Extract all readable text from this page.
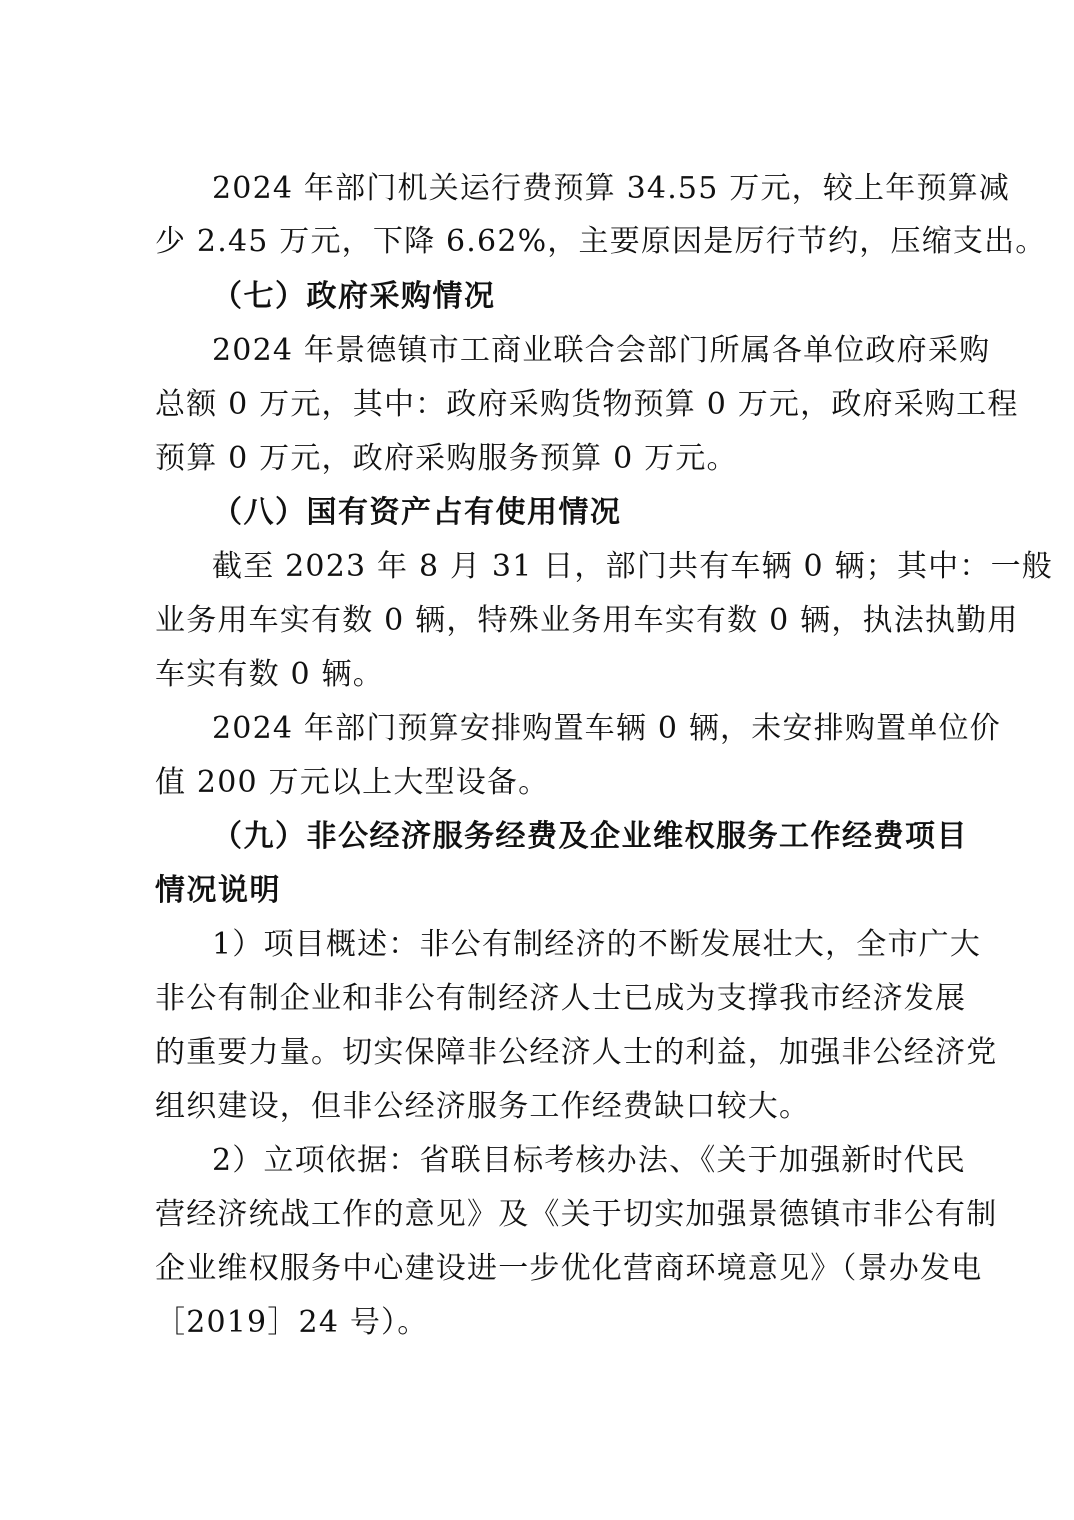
2024 年部门机关运行费预算 34.55 万元，较上年预算减
少 2.45 万元，下降 6.62%，主要原因是厉行节约，压缩支出。
（七）政府采购情况
2024 年景德镇市工商业联合会部门所属各单位政府采购
总额 0 万元，其中：政府采购货物预算 0 万元，政府采购工程
预算 0 万元，政府采购服务预算 0 万元。
（八）国有资产占有使用情况
截至 2023 年 8 月 31 日，部门共有车辆 0 辆；其中：一般
业务用车实有数 0 辆，特殊业务用车实有数 0 辆，执法执勤用
车实有数 0 辆。
2024 年部门预算安排购置车辆 0 辆，未安排购置单位价
值 200 万元以上大型设备。
（九）非公经济服务经费及企业维权服务工作经费项目
情况说明
1）项目概述：非公有制经济的不断发展壮大，全市广大
非公有制企业和非公有制经济人士已成为支撑我市经济发展
的重要力量。切实保障非公经济人士的利益，加强非公经济党
组织建设，但非公经济服务工作经费缺口较大。
2）立项依据：省联目标考核办法、《关于加强新时代民
营经济统战工作的意见》及《关于切实加强景德镇市非公有制
企业维权服务中心建设进一步优化营商环境意见》（景办发电
［2019］24 号）。
